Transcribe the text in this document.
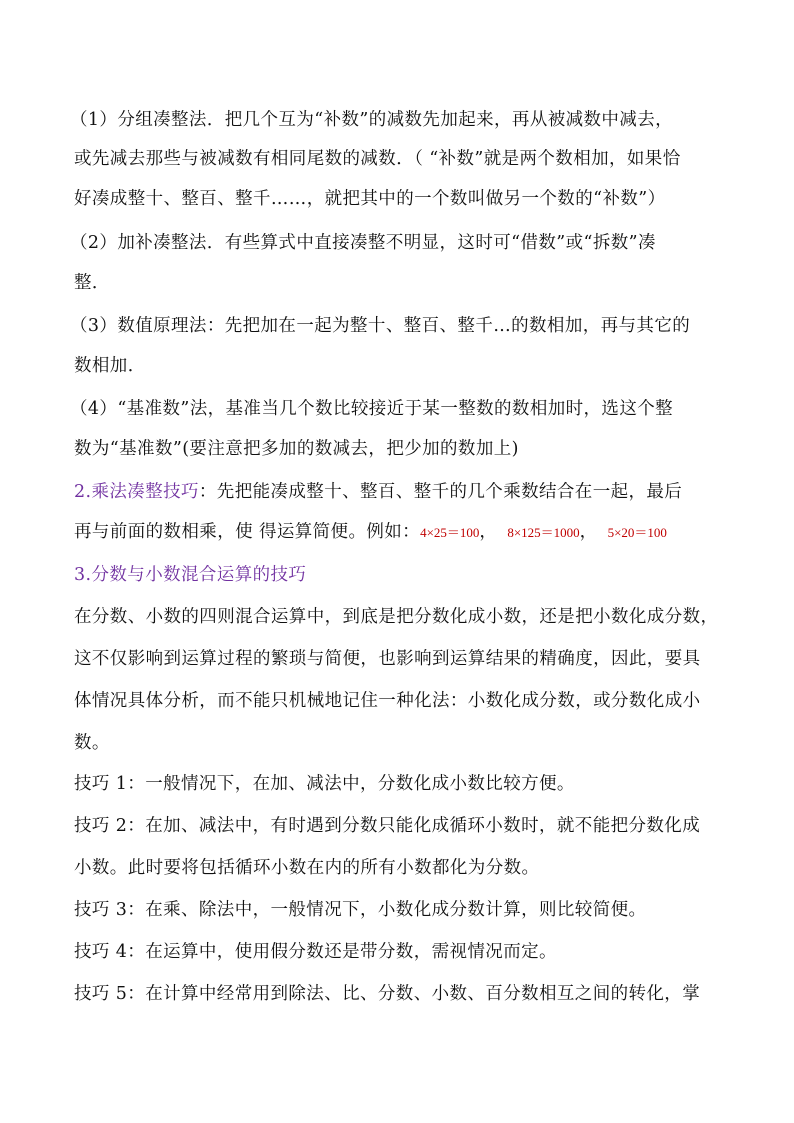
（1）分组凑整法．把几个互为“补数”的减数先加起来，再从被减数中减去，
或先减去那些与被减数有相同尾数的减数．（ “补数”就是两个数相加，如果恰
好凑成整十、整百、整千……，就把其中的一个数叫做另一个数的“补数”）
（2）加补凑整法．有些算式中直接凑整不明显，这时可“借数”或“拆数”凑
整．
（3）数值原理法：先把加在一起为整十、整百、整千…的数相加，再与其它的
数相加．
（4）“基准数”法，基准当几个数比较接近于某一整数的数相加时，选这个整
数为“基准数”(要注意把多加的数减去，把少加的数加上)
2.乘法凑整技巧：先把能凑成整十、整百、整千的几个乘数结合在一起，最后
再与前面的数相乘，使 得运算简便。例如：4×25＝100， 8×125＝1000， 5×20＝100
3.分数与小数混合运算的技巧
在分数、小数的四则混合运算中，到底是把分数化成小数，还是把小数化成分数，
这不仅影响到运算过程的繁琐与简便，也影响到运算结果的精确度，因此，要具
体情况具体分析，而不能只机械地记住一种化法：小数化成分数，或分数化成小
数。
技巧 1：一般情况下，在加、减法中，分数化成小数比较方便。
技巧 2：在加、减法中，有时遇到分数只能化成循环小数时，就不能把分数化成
小数。此时要将包括循环小数在内的所有小数都化为分数。
技巧 3：在乘、除法中，一般情况下，小数化成分数计算，则比较简便。
技巧 4：在运算中，使用假分数还是带分数，需视情况而定。
技巧 5：在计算中经常用到除法、比、分数、小数、百分数相互之间的转化，掌
